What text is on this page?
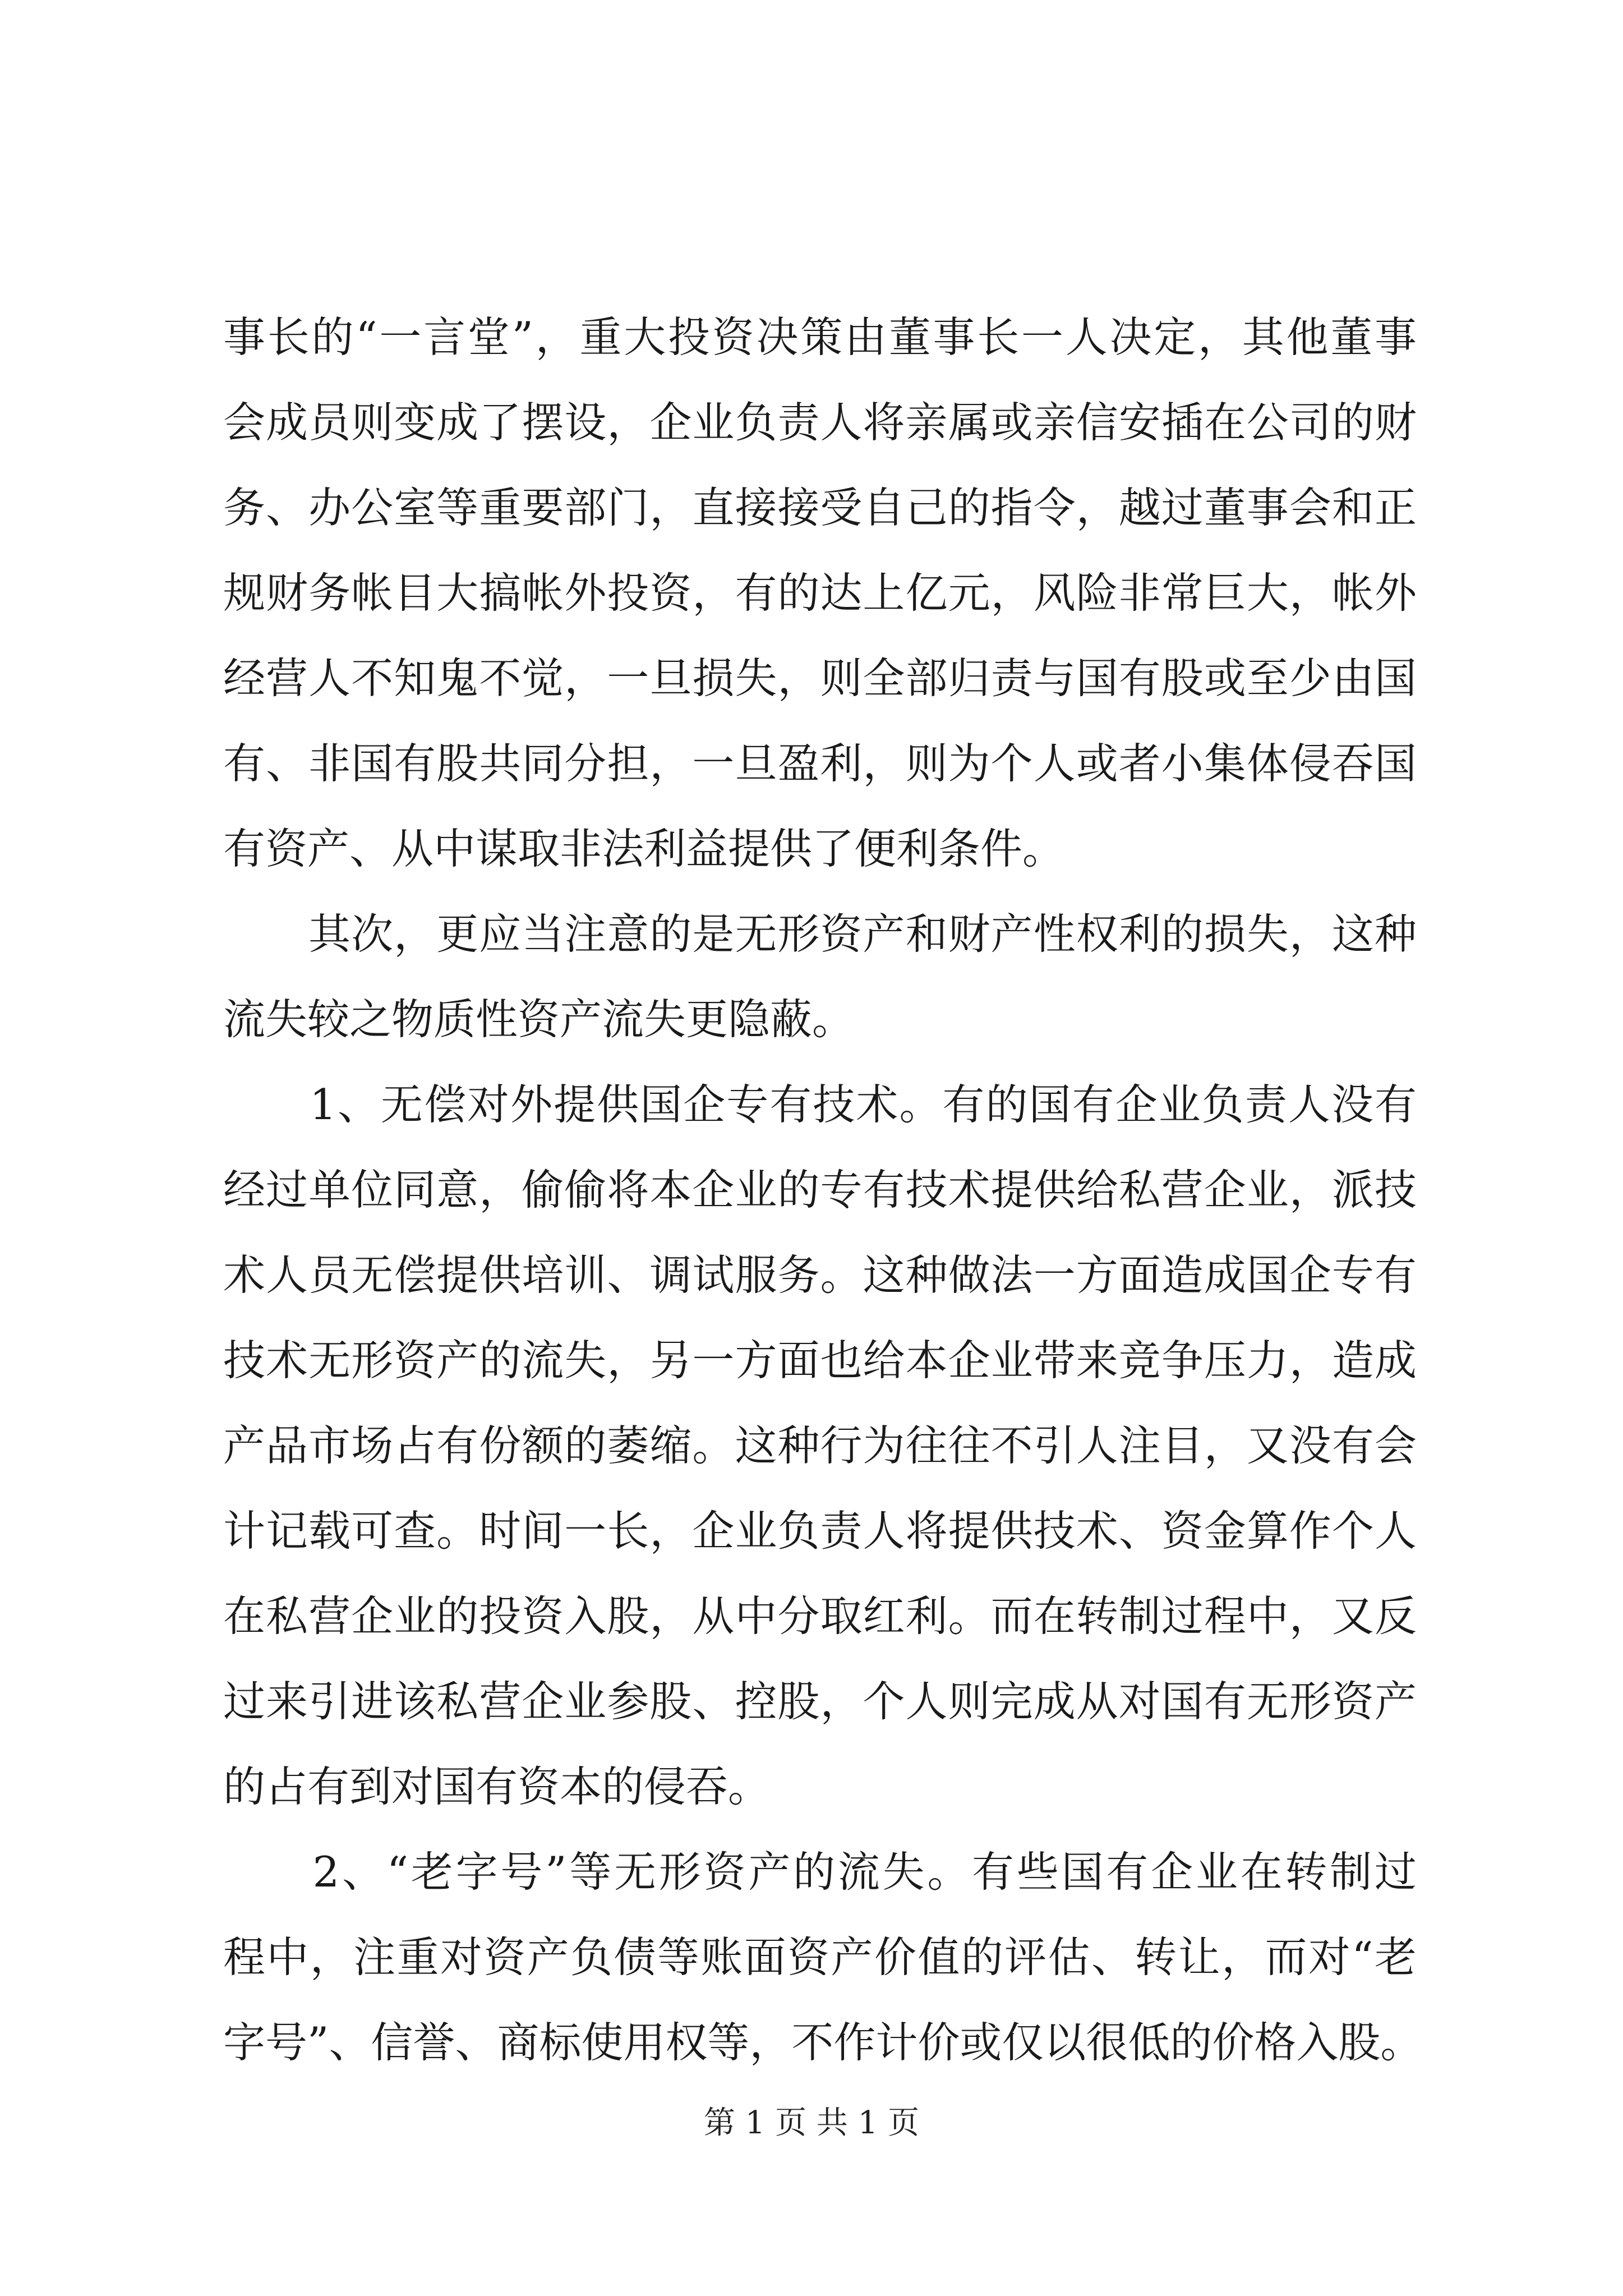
事长的“一言堂”，重大投资决策由董事长一人决定，其他董事
会成员则变成了摆设，企业负责人将亲属或亲信安插在公司的财
务、办公室等重要部门，直接接受自己的指令，越过董事会和正
规财务帐目大搞帐外投资，有的达上亿元，风险非常巨大，帐外
经营人不知鬼不觉，一旦损失，则全部归责与国有股或至少由国
有、非国有股共同分担，一旦盈利，则为个人或者小集体侵吞国
有资产、从中谋取非法利益提供了便利条件。
　　其次，更应当注意的是无形资产和财产性权利的损失，这种
流失较之物质性资产流失更隐蔽。
　　1、无偿对外提供国企专有技术。有的国有企业负责人没有
经过单位同意，偷偷将本企业的专有技术提供给私营企业，派技
术人员无偿提供培训、调试服务。这种做法一方面造成国企专有
技术无形资产的流失，另一方面也给本企业带来竞争压力，造成
产品市场占有份额的萎缩。这种行为往往不引人注目，又没有会
计记载可查。时间一长，企业负责人将提供技术、资金算作个人
在私营企业的投资入股，从中分取红利。而在转制过程中，又反
过来引进该私营企业参股、控股，个人则完成从对国有无形资产
的占有到对国有资本的侵吞。
　　2、“老字号”等无形资产的流失。有些国有企业在转制过
程中，注重对资产负债等账面资产价值的评估、转让，而对“老
字号”、信誉、商标使用权等，不作计价或仅以很低的价格入股。
第 1 页 共 1 页
